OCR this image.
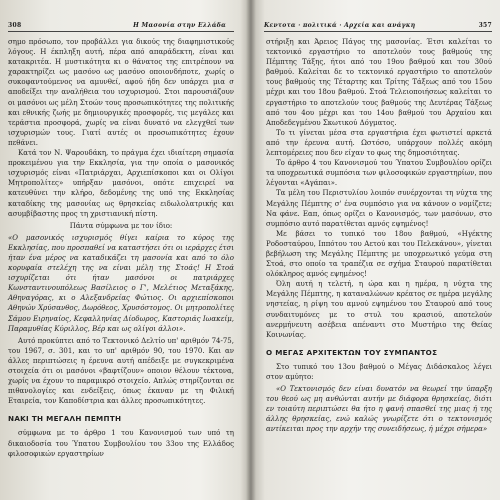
308	Η Μασονία στην Ελλάδα

σημο πρόσωπο, τον προβάλλει για δικούς της διαφημιστικούς λόγους. Η έκπληξη αυτή, πέρα από απαράδεκτη, είναι και κατακριτέα. Η μυστικότητα κι ο θάνατος της επιτρέπουν να χαρακτηρίζει ως μασόνο ως μασόνο οποιονδήποτε, χωρίς ο συκοφαντούμενος να αμυνθεί, αφού ήδη δεν υπάρχει μια σ αποδείξει την αναλήθεια του ισχυρισμού. Στοι παρουσιάζουν οι μασόνοι ως μέλη Στοών τους προσωπικότητες της πολιτικής και εθνικής ζωής με δημιουργικές προσφορές, τις μεγάλες και τεράστια προσφορά, χωρίς να είναι δυνατό να ελεγχθεί των ισχυρισμών τους. Γιατί αυτές οι προσωπικότητες έχουν πεθάνει.

Κατά τον Ν. Ψαρουδάκη, το πράγμα έχει ιδιαίτερη σημασία προκειμένου για την Εκκλησία, για την οποία ο μασονικός ισχυρισμός είναι «Πατριάρχαι, Αρχιεπίσκοποι και οι Ολίγοι Μητροπολίτες» υπήρξαν μασόνοι, οπότε επιχειρεί να κατευθύνει την κλήρο, δεδομένης της υπό της Εκκλησίας καταδίκης της μασονίας ως θρησκείας ειδωλολατρικής και ασυμβίβαστης προς τη χριστιανική πίστη.

Πάντα σύμφωνα με τον ίδιο:

«Ο μασονικός ισχυρισμός θίγει καίρια το κύρος της Εκκλησίας, που προσπαθεί να καταστήσει ότι οι ιεράρχες έτσι ήταν ένα μέρος να καταδικάζει τη μασονία και από το όλο κορυφαία στελέχη της να είναι μέλη της Στοάς! Η Στοά ισχυρίζεται ότι ήταν μασόνοι οι πατριάρχες Κωνσταντινουπόλεως Βασίλειος ο Γ', Μελέτιος Μεταξάκης, Αθηναγόρας, κι ο Αλεξανδρείας Φώτιος. Οι αρχιεπίσκοποι Αθηνών Χρύσανθος, Δωρόθεος, Χρυσόστομος. Οι μητροπολίτες Σάμου Ειρηναίος, Κεφαλληνίας Δίοδωρος, Καστοριάς Ιωακείμ, Παραμυθίας Κύριλλος, Βέρ και ως ολίγοι άλλοι».

Αυτό προκύπτει από το Τεκτονικό Δελτίο υπ' αριθμόν 74-75, του 1967, σ. 301, και το υπ' αριθμόν 90, του 1970. Και αν άλλες περιπτώσεις η έρευνα αυτή απέδειξε με συγκεκριμένα στοιχεία ότι οι μασόνοι «βαφτίζουν» οποιον θέλουν τέκτονα, χωρίς να έχουν το παραμικρό στοιχείο. Απλώς στηρίζονται σε πιθανολογίες και ενδείξεις, όπως έκαναν με τη Φιλική Εταιρεία, τον Καποδίστρια και άλλες προσωπικότητες.

ΝΑΚΙ ΤΗ ΜΕΓΑΛΗ ΠΕΜΠΤΗ

σύμφωνα με το άρθρο 1 του Κανονισμού των υπό τη δικαιοδοσία του Ύπατου Συμβουλίου του 33ου της Ελλάδος φιλοσοφικών εργαστηρίων

Κεντοτα · πολιτικά · Αρχεία και ανάγκη	357

στήριξη και Άρειος Πάγος της μασονίας. Έτσι καλείται το τεκτονικό εργαστήριο το αποτελούν τους βαθμούς της Πέμπτης Τάξης, ήτοι από του 19ου βαθμού και του 30ού βαθμού. Καλείται δε το τεκτονικό εργαστήριο το αποτελούν τους βαθμούς της Τέταρτης και Τρίτης Τάξεως από του 15ου μέχρι και του 18ου βαθμού. Στοά Τελειοποιήσεως καλείται το εργαστήριο το αποτελούν τους βαθμούς της Δευτέρας Τάξεως από του 4ου μέχρι και του 14ου βαθμού του Αρχαίου και Αποδεδεγμένου Σκωτικού Δόγματος.

Το τι γίνεται μέσα στα εργαστήρια έχει φωτιστεί αρκετά από την έρευνα αυτή. Ωστόσο, υπάρχουν πολλές ακόμη λεπτομέρειες που δεν είχαν το φως της δημοσιότητας.

Το άρθρο 4 του Κανονισμού του Ύπατου Συμβουλίου ορίζει τα υποχρεωτικά συμπόσια των φιλοσοφικών εργαστηρίων, που λέγονται «Αγάπαι».

Τα μέλη του Περιστυλίου λοιπόν συνέρχονται τη νύχτα της Μεγάλης Πέμπτης σ' ένα συμπόσιο για να κάνουν ο νομίζετε; Να φάνε. Εαπ, όπως ορίζει ο Κανονισμός, των μασόνων, στο συμπόσιο αυτό παρατίθεται αμνός εψημένος!

Με βάσει το τυπικό του 18ου βαθμού, «Ηγέκτης Ροδοσταύρου, Ιππότου του Αετού και του Πελεκάνου», γίνεται βεβήλωση της Μεγάλης Πέμπτης με υποχρεωτικό γεύμα στη Στοά, στο οποίο τα τραπέζια σε σχήμα Σταυρού παρατίθεται ολόκληρος αμνός εψημένος!

Όλη αυτή η τελετή, η ώρα και η ημέρα, η νύχτα της Μεγάλης Πέμπτης, η καταναλώνων κρέατος σε ημέρα μεγάλης νηστείας, η ρίψη του αμνού εψημένου του Σταυρού από τους συνδαιτυμόνες με το στυλ του κρασιού, αποτελούν ανερμήνευτη ασέβεια απέναντι στο Μυστήριο της Θείας Κοινωνίας.

Ο ΜΕΓΑΣ ΑΡΧΙΤΕΚΤΩΝ ΤΟΥ ΣΥΜΠΑΝΤΟΣ

Στο τυπικό του 13ου βαθμού ο Μέγας Διδάσκαλος λέγει στον αμύητο:

«Ο Τεκτονισμός δεν είναι δυνατόν να θεωρεί την ύπαρξη του θεού ως μη ανθώνται αυτήν με διάφορα θρησκείας, διότι εν τοιαύτη περιπτώσει θα ήτο η φανή σπασθεί της μιας ή της άλλης θρησκείας, ενώ καλώς γνωρίζετε ότι ο τεκτονισμός αντίκειται προς την αρχήν της συνειδήσεως, ή μέχρι σήμερα»
